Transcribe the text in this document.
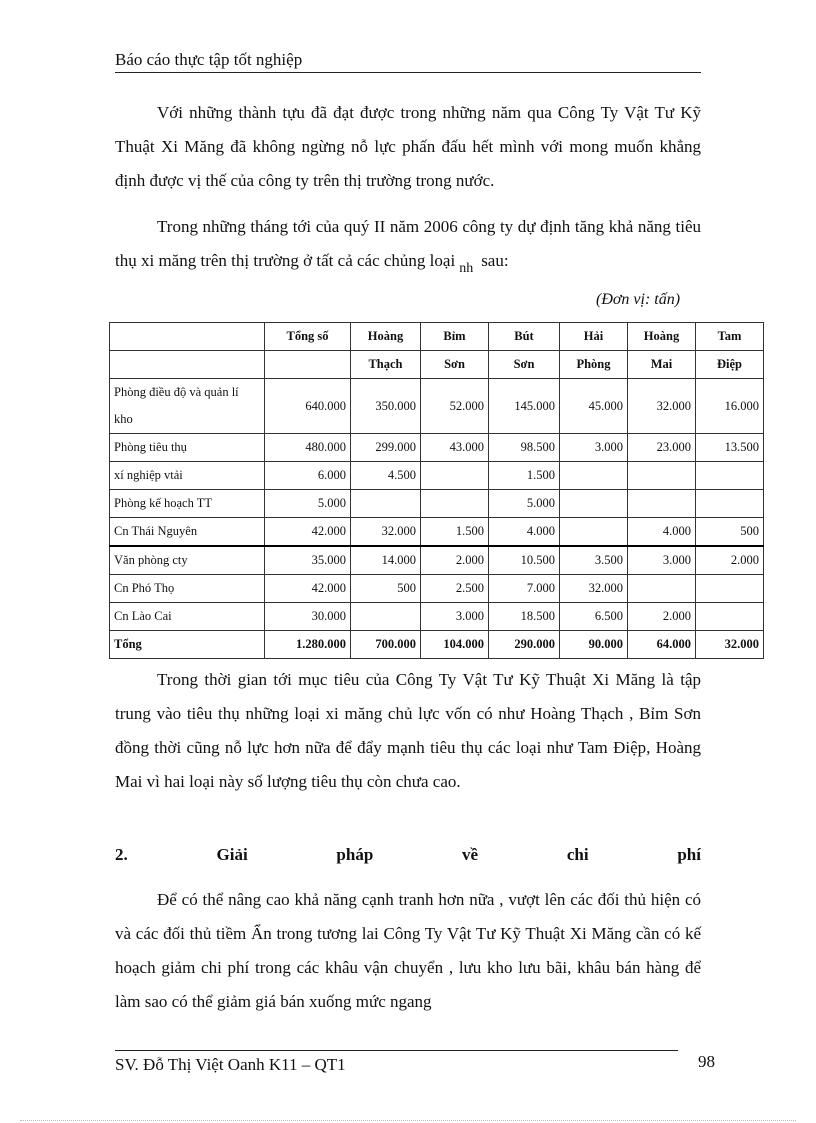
Báo cáo thực tập tốt nghiệp

Với những thành tựu đã đạt được trong những năm qua Công Ty Vật Tư Kỹ Thuật Xi Măng đã không ngừng nỗ lực phấn đấu hết mình với mong muốn khẳng định được vị thế của công ty trên thị trường trong nước.

Trong những tháng tới của quý II năm 2006 công ty dự định tăng khả năng tiêu thụ xi măng trên thị trường ở tất cả các chủng loại $_{nh}$ sau:

(Đơn vị: tấn)
	Tổng số	Hoàng	Bỉm	Bút	Hải	Hoàng	Tam
		Thạch	Sơn	Sơn	Phòng	Mai	Điệp
Phòng điều độ và quản lí kho	640.000	350.000	52.000	145.000	45.000	32.000	16.000
Phòng tiêu thụ	480.000	299.000	43.000	98.500	3.000	23.000	13.500
xí nghiệp vtải	6.000	4.500		1.500			
Phòng kế hoạch TT	5.000			5.000			
Cn Thái Nguyên	42.000	32.000	1.500	4.000		4.000	500
Văn phòng cty	35.000	14.000	2.000	10.500	3.500	3.000	2.000
Cn Phó Thọ	42.000	500	2.500	7.000	32.000		
Cn Lào Cai	30.000		3.000	18.500	6.500	2.000	
Tổng	1.280.000	700.000	104.000	290.000	90.000	64.000	32.000

Trong thời gian tới mục tiêu của Công Ty Vật Tư Kỹ Thuật Xi Măng là tập trung vào tiêu thụ những loại xi măng chủ lực vốn có như Hoàng Thạch , Bỉm Sơn đồng thời cũng nỗ lực hơn nữa để đẩy mạnh tiêu thụ các loại như Tam Điệp, Hoàng Mai vì hai loại này số lượng tiêu thụ còn chưa cao.

2.	Giải	pháp	về	chi	phí

Để có thể nâng cao khả năng cạnh tranh hơn nữa , vượt lên các đối thủ hiện có và các đối thủ tiềm Ẩn trong tương lai Công Ty Vật Tư Kỹ Thuật Xi Măng cần có kế hoạch giảm chi phí trong các khâu vận chuyển , lưu kho lưu bãi, khâu bán hàng để làm sao có thể giảm giá bán xuống mức ngang

SV. Đỗ Thị Việt Oanh K11 – QT1	98
